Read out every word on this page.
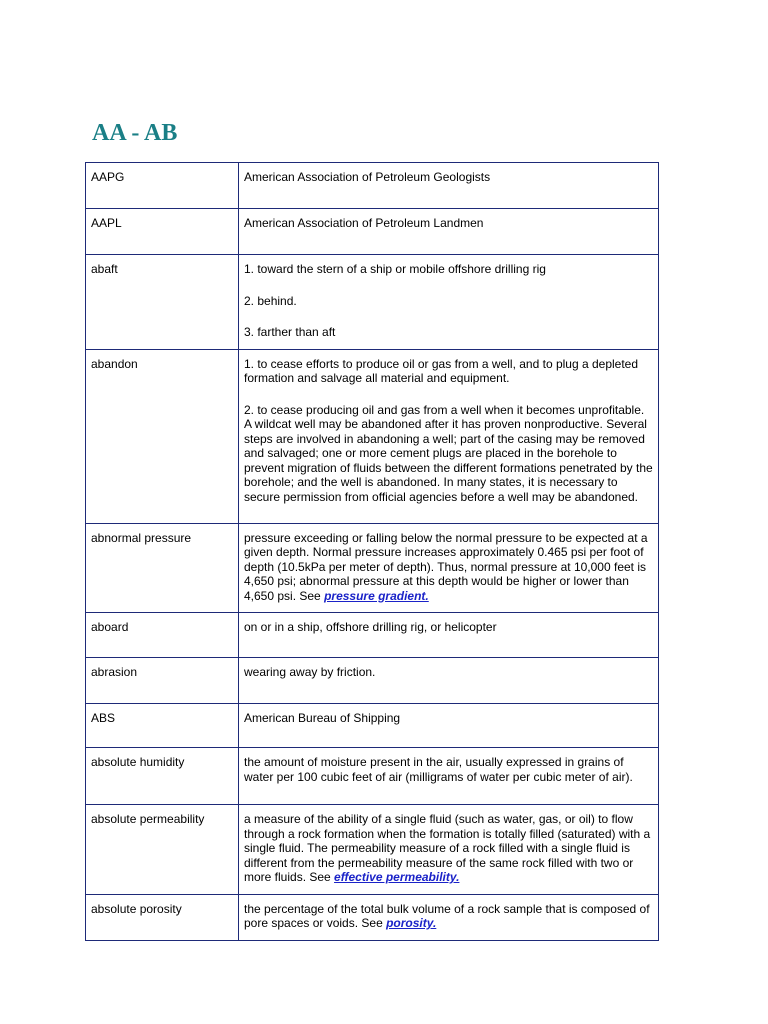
AA - AB
AAPG	American Association of Petroleum Geologists

AAPL	American Association of Petroleum Landmen

abaft	1. toward the stern of a ship or mobile offshore drilling rig

2. behind.

3. farther than aft

abandon	1. to cease efforts to produce oil or gas from a well, and to plug a depleted formation and salvage all material and equipment.

2. to cease producing oil and gas from a well when it becomes unprofitable. A wildcat well may be abandoned after it has proven nonproductive. Several steps are involved in abandoning a well; part of the casing may be removed and salvaged; one or more cement plugs are placed in the borehole to prevent migration of fluids between the different formations penetrated by the borehole; and the well is abandoned. In many states, it is necessary to secure permission from official agencies before a well may be abandoned.

abnormal pressure	pressure exceeding or falling below the normal pressure to be expected at a given depth. Normal pressure increases approximately 0.465 psi per foot of depth (10.5kPa per meter of depth). Thus, normal pressure at 10,000 feet is 4,650 psi; abnormal pressure at this depth would be higher or lower than 4,650 psi. See pressure gradient.

aboard	on or in a ship, offshore drilling rig, or helicopter

abrasion	wearing away by friction.

ABS	American Bureau of Shipping

absolute humidity	the amount of moisture present in the air, usually expressed in grains of water per 100 cubic feet of air (milligrams of water per cubic meter of air).

absolute permeability	a measure of the ability of a single fluid (such as water, gas, or oil) to flow through a rock formation when the formation is totally filled (saturated) with a single fluid. The permeability measure of a rock filled with a single fluid is different from the permeability measure of the same rock filled with two or more fluids. See effective permeability.

absolute porosity	the percentage of the total bulk volume of a rock sample that is composed of pore spaces or voids. See porosity.
